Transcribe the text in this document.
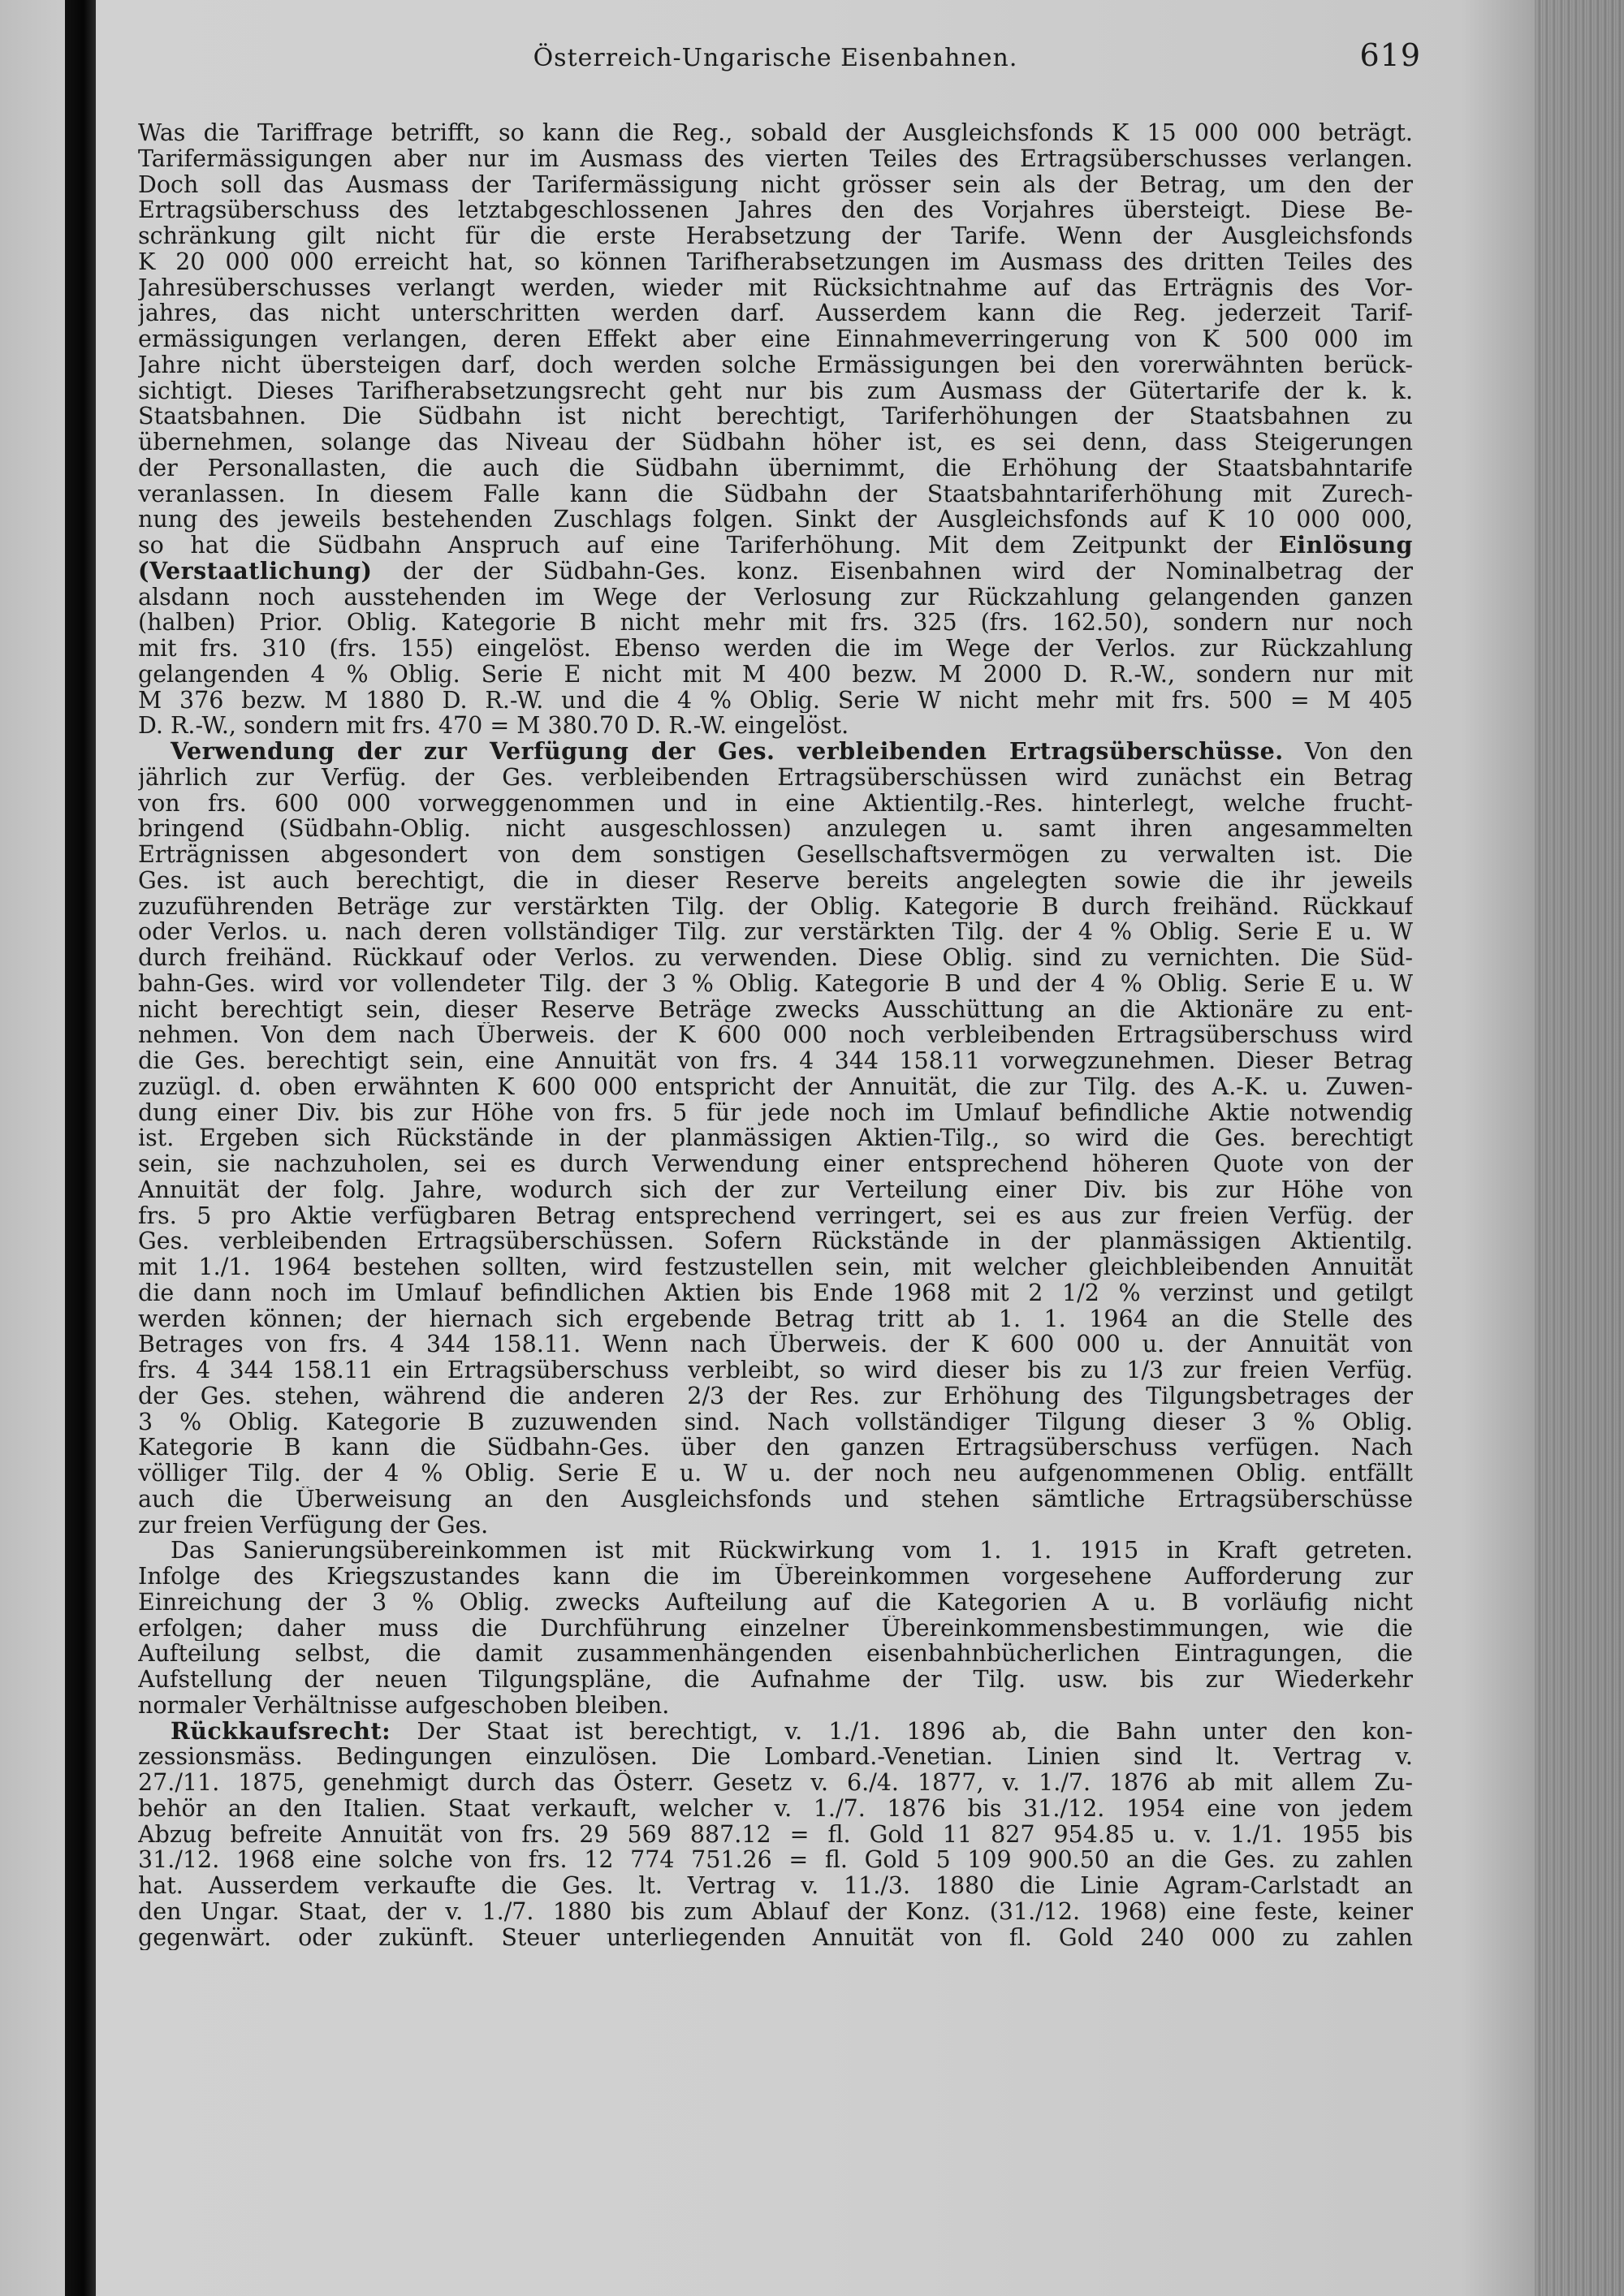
Österreich-Ungarische Eisenbahnen.	619
Was die Tariffrage betrifft, so kann die Reg., sobald der Ausgleichsfonds K 15 000 000 beträgt.
Tarifermässigungen aber nur im Ausmass des vierten Teiles des Ertragsüberschusses verlangen.
Doch soll das Ausmass der Tarifermässigung nicht grösser sein als der Betrag, um den der
Ertragsüberschuss des letztabgeschlossenen Jahres den des Vorjahres übersteigt. Diese Be-
schränkung gilt nicht für die erste Herabsetzung der Tarife. Wenn der Ausgleichsfonds
K 20 000 000 erreicht hat, so können Tarifherabsetzungen im Ausmass des dritten Teiles des
Jahresüberschusses verlangt werden, wieder mit Rücksichtnahme auf das Erträgnis des Vor-
jahres, das nicht unterschritten werden darf. Ausserdem kann die Reg. jederzeit Tarif-
ermässigungen verlangen, deren Effekt aber eine Einnahmeverringerung von K 500 000 im
Jahre nicht übersteigen darf, doch werden solche Ermässigungen bei den vorerwähnten berück-
sichtigt. Dieses Tarifherabsetzungsrecht geht nur bis zum Ausmass der Gütertarife der k. k.
Staatsbahnen. Die Südbahn ist nicht berechtigt, Tariferhöhungen der Staatsbahnen zu
übernehmen, solange das Niveau der Südbahn höher ist, es sei denn, dass Steigerungen
der Personallasten, die auch die Südbahn übernimmt, die Erhöhung der Staatsbahntarife
veranlassen. In diesem Falle kann die Südbahn der Staatsbahntariferhöhung mit Zurech-
nung des jeweils bestehenden Zuschlags folgen. Sinkt der Ausgleichsfonds auf K 10 000 000,
so hat die Südbahn Anspruch auf eine Tariferhöhung. Mit dem Zeitpunkt der Einlösung
(Verstaatlichung) der der Südbahn-Ges. konz. Eisenbahnen wird der Nominalbetrag der
alsdann noch ausstehenden im Wege der Verlosung zur Rückzahlung gelangenden ganzen
(halben) Prior. Oblig. Kategorie B nicht mehr mit frs. 325 (frs. 162.50), sondern nur noch
mit frs. 310 (frs. 155) eingelöst. Ebenso werden die im Wege der Verlos. zur Rückzahlung
gelangenden 4 % Oblig. Serie E nicht mit M 400 bezw. M 2000 D. R.-W., sondern nur mit
M 376 bezw. M 1880 D. R.-W. und die 4 % Oblig. Serie W nicht mehr mit frs. 500 = M 405
D. R.-W., sondern mit frs. 470 = M 380.70 D. R.-W. eingelöst.
Verwendung der zur Verfügung der Ges. verbleibenden Ertragsüberschüsse. Von den
jährlich zur Verfüg. der Ges. verbleibenden Ertragsüberschüssen wird zunächst ein Betrag
von frs. 600 000 vorweggenommen und in eine Aktientilg.-Res. hinterlegt, welche frucht-
bringend (Südbahn-Oblig. nicht ausgeschlossen) anzulegen u. samt ihren angesammelten
Erträgnissen abgesondert von dem sonstigen Gesellschaftsvermögen zu verwalten ist. Die
Ges. ist auch berechtigt, die in dieser Reserve bereits angelegten sowie die ihr jeweils
zuzuführenden Beträge zur verstärkten Tilg. der Oblig. Kategorie B durch freihänd. Rückkauf
oder Verlos. u. nach deren vollständiger Tilg. zur verstärkten Tilg. der 4 % Oblig. Serie E u. W
durch freihänd. Rückkauf oder Verlos. zu verwenden. Diese Oblig. sind zu vernichten. Die Süd-
bahn-Ges. wird vor vollendeter Tilg. der 3 % Oblig. Kategorie B und der 4 % Oblig. Serie E u. W
nicht berechtigt sein, dieser Reserve Beträge zwecks Ausschüttung an die Aktionäre zu ent-
nehmen. Von dem nach Überweis. der K 600 000 noch verbleibenden Ertragsüberschuss wird
die Ges. berechtigt sein, eine Annuität von frs. 4 344 158.11 vorwegzunehmen. Dieser Betrag
zuzügl. d. oben erwähnten K 600 000 entspricht der Annuität, die zur Tilg. des A.-K. u. Zuwen-
dung einer Div. bis zur Höhe von frs. 5 für jede noch im Umlauf befindliche Aktie notwendig
ist. Ergeben sich Rückstände in der planmässigen Aktien-Tilg., so wird die Ges. berechtigt
sein, sie nachzuholen, sei es durch Verwendung einer entsprechend höheren Quote von der
Annuität der folg. Jahre, wodurch sich der zur Verteilung einer Div. bis zur Höhe von
frs. 5 pro Aktie verfügbaren Betrag entsprechend verringert, sei es aus zur freien Verfüg. der
Ges. verbleibenden Ertragsüberschüssen. Sofern Rückstände in der planmässigen Aktientilg.
mit 1./1. 1964 bestehen sollten, wird festzustellen sein, mit welcher gleichbleibenden Annuität
die dann noch im Umlauf befindlichen Aktien bis Ende 1968 mit 2 1/2 % verzinst und getilgt
werden können; der hiernach sich ergebende Betrag tritt ab 1. 1. 1964 an die Stelle des
Betrages von frs. 4 344 158.11. Wenn nach Überweis. der K 600 000 u. der Annuität von
frs. 4 344 158.11 ein Ertragsüberschuss verbleibt, so wird dieser bis zu 1/3 zur freien Verfüg.
der Ges. stehen, während die anderen 2/3 der Res. zur Erhöhung des Tilgungsbetrages der
3 % Oblig. Kategorie B zuzuwenden sind. Nach vollständiger Tilgung dieser 3 % Oblig.
Kategorie B kann die Südbahn-Ges. über den ganzen Ertragsüberschuss verfügen. Nach
völliger Tilg. der 4 % Oblig. Serie E u. W u. der noch neu aufgenommenen Oblig. entfällt
auch die Überweisung an den Ausgleichsfonds und stehen sämtliche Ertragsüberschüsse
zur freien Verfügung der Ges.
Das Sanierungsübereinkommen ist mit Rückwirkung vom 1. 1. 1915 in Kraft getreten.
Infolge des Kriegszustandes kann die im Übereinkommen vorgesehene Aufforderung zur
Einreichung der 3 % Oblig. zwecks Aufteilung auf die Kategorien A u. B vorläufig nicht
erfolgen; daher muss die Durchführung einzelner Übereinkommensbestimmungen, wie die
Aufteilung selbst, die damit zusammenhängenden eisenbahnbücherlichen Eintragungen, die
Aufstellung der neuen Tilgungspläne, die Aufnahme der Tilg. usw. bis zur Wiederkehr
normaler Verhältnisse aufgeschoben bleiben.
Rückkaufsrecht: Der Staat ist berechtigt, v. 1./1. 1896 ab, die Bahn unter den kon-
zessionsmäss. Bedingungen einzulösen. Die Lombard.-Venetian. Linien sind lt. Vertrag v.
27./11. 1875, genehmigt durch das Österr. Gesetz v. 6./4. 1877, v. 1./7. 1876 ab mit allem Zu-
behör an den Italien. Staat verkauft, welcher v. 1./7. 1876 bis 31./12. 1954 eine von jedem
Abzug befreite Annuität von frs. 29 569 887.12 = fl. Gold 11 827 954.85 u. v. 1./1. 1955 bis
31./12. 1968 eine solche von frs. 12 774 751.26 = fl. Gold 5 109 900.50 an die Ges. zu zahlen
hat. Ausserdem verkaufte die Ges. lt. Vertrag v. 11./3. 1880 die Linie Agram-Carlstadt an
den Ungar. Staat, der v. 1./7. 1880 bis zum Ablauf der Konz. (31./12. 1968) eine feste, keiner
gegenwärt. oder zukünft. Steuer unterliegenden Annuität von fl. Gold 240 000 zu zahlen
